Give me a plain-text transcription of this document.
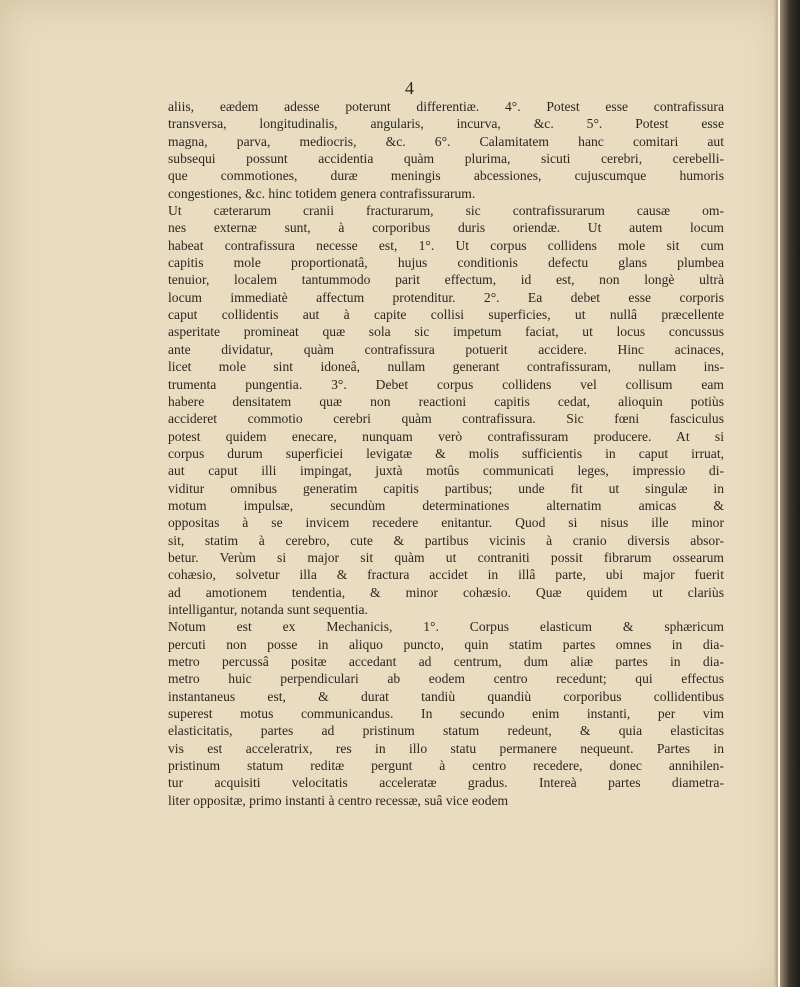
4
aliis, eædem adesse poterunt differentiæ. 4°. Potest esse contrafissura
transversa, longitudinalis, angularis, incurva, &c. 5°. Potest esse
magna, parva, mediocris, &c. 6°. Calamitatem hanc comitari aut
subsequi possunt accidentia quàm plurima, sicuti cerebri, cerebelli-
que commotiones, duræ meningis abcessiones, cujuscumque humoris
congestiones, &c. hinc totidem genera contrafissurarum.
Ut cæterarum cranii fracturarum, sic contrafissurarum causæ om-
nes externæ sunt, à corporibus duris oriendæ. Ut autem locum
habeat contrafissura necesse est, 1°. Ut corpus collidens mole sit cum
capitis mole proportionatâ, hujus conditionis defectu glans plumbea
tenuior, localem tantummodo parit effectum, id est, non longè ultrà
locum immediatè affectum protenditur. 2°. Ea debet esse corporis
caput collidentis aut à capite collisi superficies, ut nullâ præcellente
asperitate promineat quæ sola sic impetum faciat, ut locus concussus
ante dividatur, quàm contrafissura potuerit accidere. Hinc acinaces,
licet mole sint idoneâ, nullam generant contrafissuram, nullam ins-
trumenta pungentia. 3°. Debet corpus collidens vel collisum eam
habere densitatem quæ non reactioni capitis cedat, alioquin potiùs
accideret commotio cerebri quàm contrafissura. Sic fœni fasciculus
potest quidem enecare, nunquam verò contrafissuram producere. At si
corpus durum superficiei levigatæ & molis sufficientis in caput irruat,
aut caput illi impingat, juxtà motûs communicati leges, impressio di-
viditur omnibus generatim capitis partibus; unde fit ut singulæ in
motum impulsæ, secundùm determinationes alternatim amicas &
oppositas à se invicem recedere enitantur. Quod si nisus ille minor
sit, statim à cerebro, cute & partibus vicinis à cranio diversis absor-
betur. Verùm si major sit quàm ut contraniti possit fibrarum ossearum
cohæsio, solvetur illa & fractura accidet in illâ parte, ubi major fuerit
ad amotionem tendentia, & minor cohæsio. Quæ quidem ut clariùs
intelligantur, notanda sunt sequentia.
Notum est ex Mechanicis, 1°. Corpus elasticum & sphæricum
percuti non posse in aliquo puncto, quin statim partes omnes in dia-
metro percussâ positæ accedant ad centrum, dum aliæ partes in dia-
metro huic perpendiculari ab eodem centro recedunt; qui effectus
instantaneus est, & durat tandiù quandiù corporibus collidentibus
superest motus communicandus. In secundo enim instanti, per vim
elasticitatis, partes ad pristinum statum redeunt, & quia elasticitas
vis est acceleratrix, res in illo statu permanere nequeunt. Partes in
pristinum statum reditæ pergunt à centro recedere, donec annihilen-
tur acquisiti velocitatis acceleratæ gradus. Intereà partes diametra-
liter oppositæ, primo instanti à centro recessæ, suâ vice eodem
